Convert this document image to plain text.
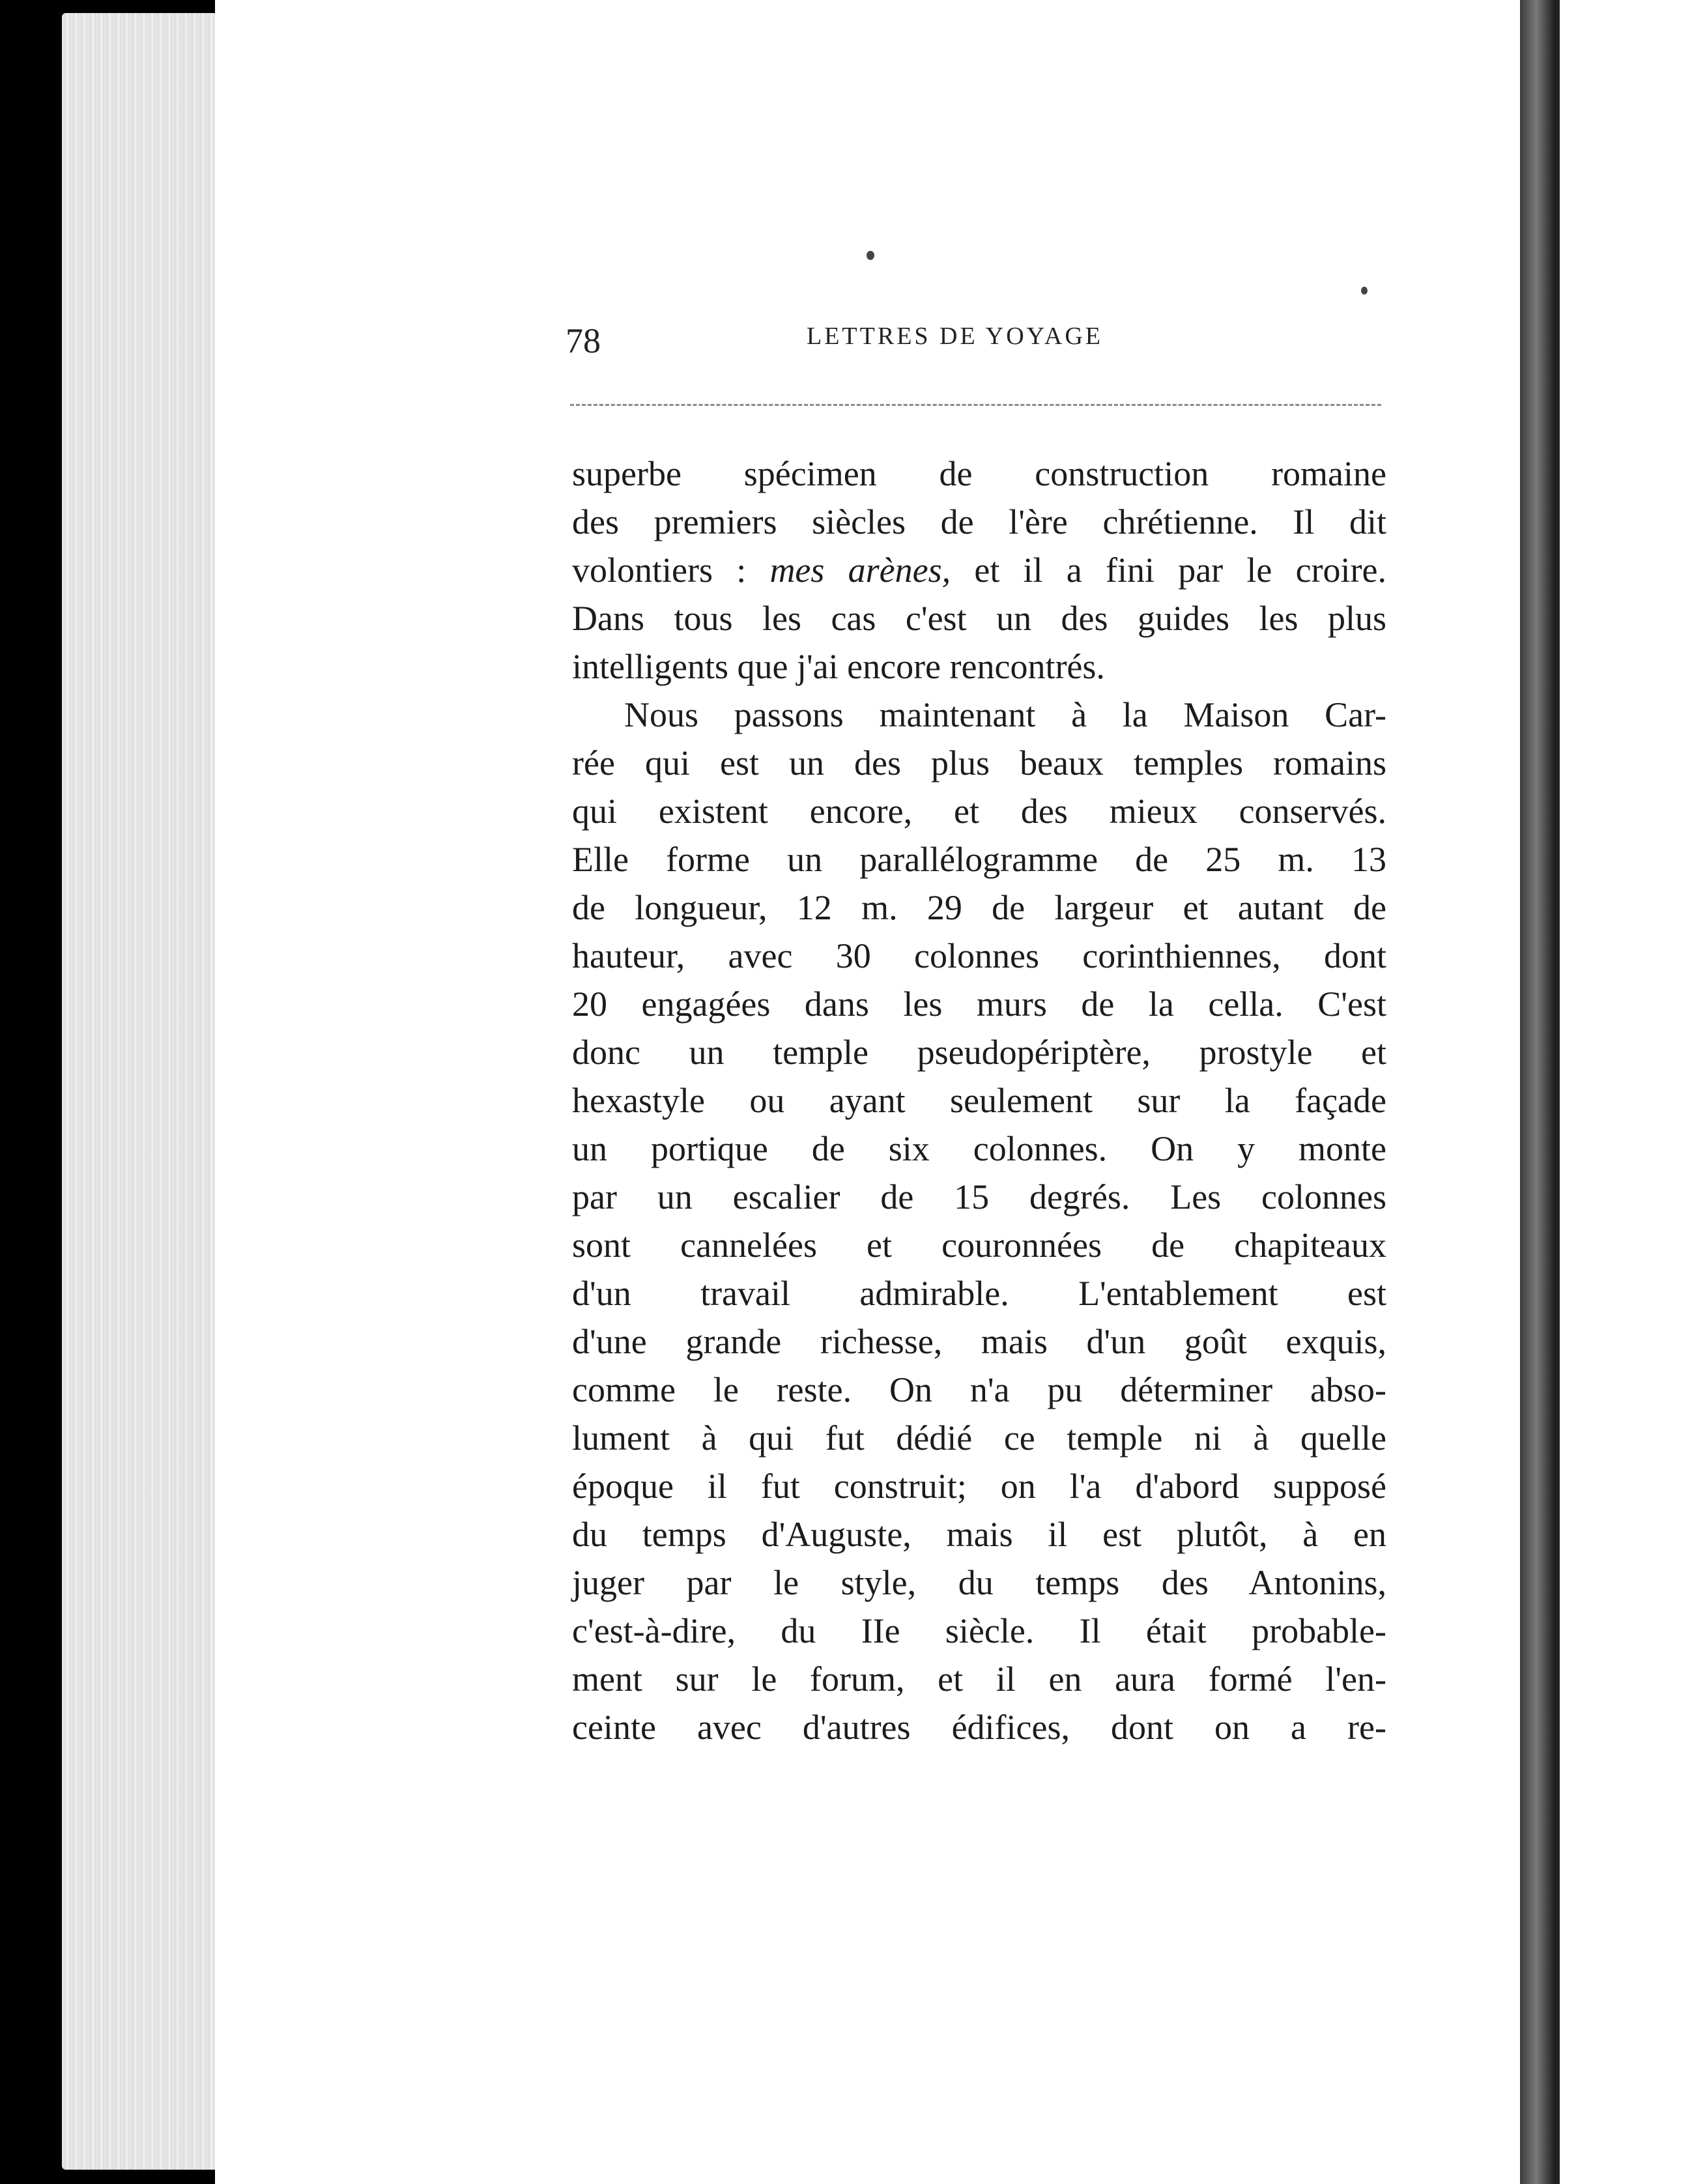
78	LETTRES DE YOYAGE
superbe spécimen de construction romaine
des premiers siècles de l'ère chrétienne. Il dit
volontiers : mes arènes, et il a fini par le croire.
Dans tous les cas c'est un des guides les plus
intelligents que j'ai encore rencontrés.
Nous passons maintenant à la Maison Car-
rée qui est un des plus beaux temples romains
qui existent encore, et des mieux conservés.
Elle forme un parallélogramme de 25 m. 13
de longueur, 12 m. 29 de largeur et autant de
hauteur, avec 30 colonnes corinthiennes, dont
20 engagées dans les murs de la cella. C'est
donc un temple pseudopériptère, prostyle et
hexastyle ou ayant seulement sur la façade
un portique de six colonnes. On y monte
par un escalier de 15 degrés. Les colonnes
sont cannelées et couronnées de chapiteaux
d'un travail admirable. L'entablement est
d'une grande richesse, mais d'un goût exquis,
comme le reste. On n'a pu déterminer abso-
lument à qui fut dédié ce temple ni à quelle
époque il fut construit; on l'a d'abord supposé
du temps d'Auguste, mais il est plutôt, à en
juger par le style, du temps des Antonins,
c'est-à-dire, du IIe siècle. Il était probable-
ment sur le forum, et il en aura formé l'en-
ceinte avec d'autres édifices, dont on a re-
